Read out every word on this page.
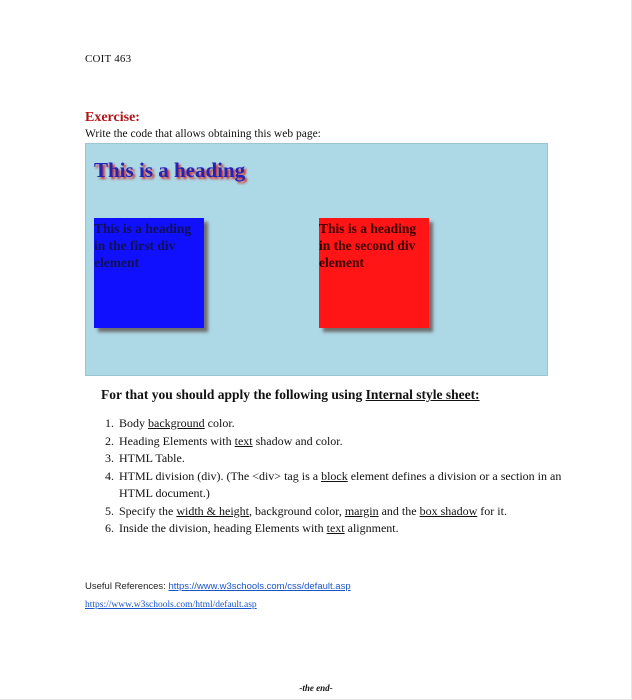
COIT 463
Exercise:
Write the code that allows obtaining this web page:
This is a heading
This is a heading in the first div element
This is a heading in the second div element
For that you should apply the following using Internal style sheet:
1. Body background color.
2. Heading Elements with text shadow and color.
3. HTML Table.
4. HTML division (div). (The <div> tag is a block element defines a division or a section in an HTML document.)
5. Specify the width & height, background color, margin and the box shadow for it.
6. Inside the division, heading Elements with text alignment.
Useful References: https://www.w3schools.com/css/default.asp
https://www.w3schools.com/html/default.asp
-the end-
